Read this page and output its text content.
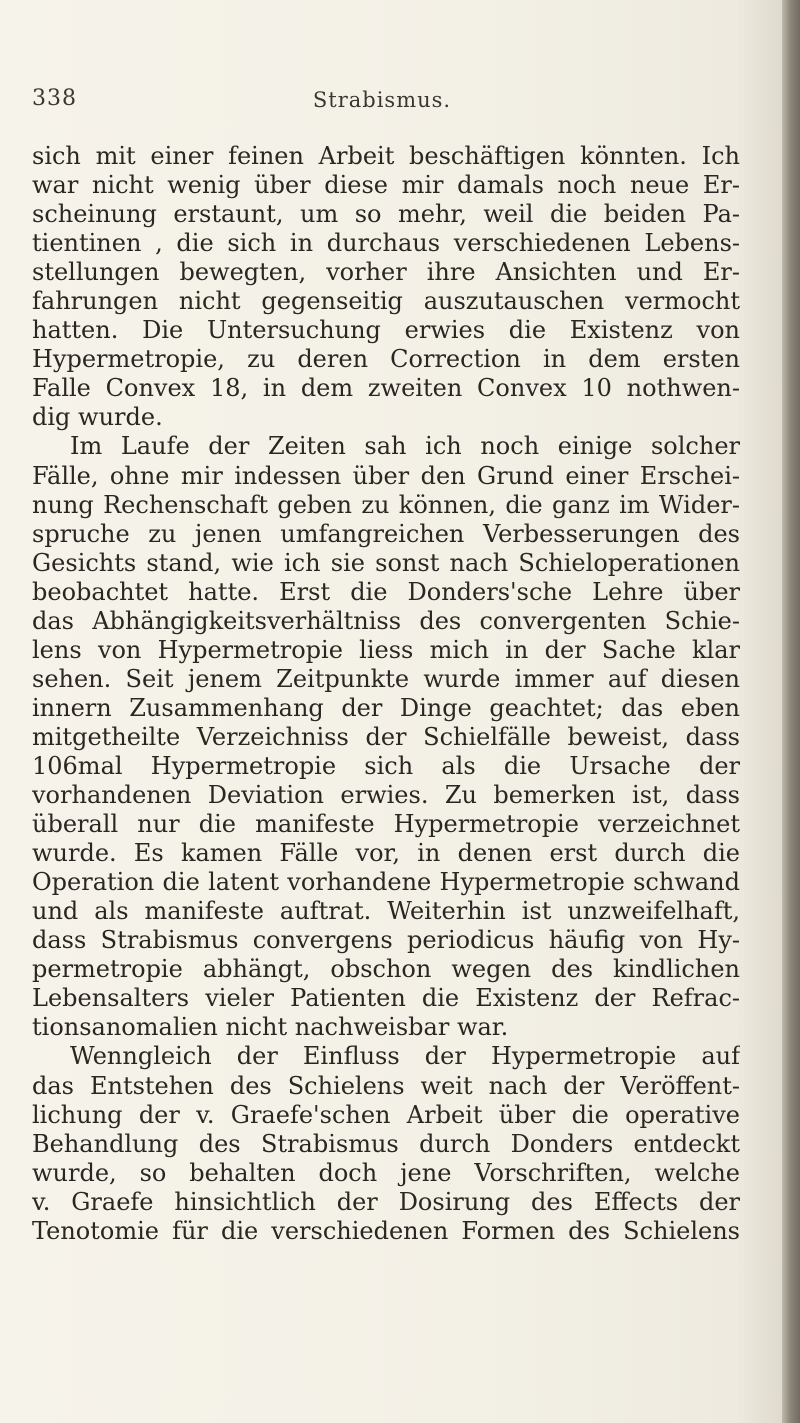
338	Strabismus.
sich mit einer feinen Arbeit beschäftigen könnten. Ich
war nicht wenig über diese mir damals noch neue Er-
scheinung erstaunt, um so mehr, weil die beiden Pa-
tientinen , die sich in durchaus verschiedenen Lebens-
stellungen bewegten, vorher ihre Ansichten und Er-
fahrungen nicht gegenseitig auszutauschen vermocht
hatten. Die Untersuchung erwies die Existenz von
Hypermetropie, zu deren Correction in dem ersten
Falle Convex 18, in dem zweiten Convex 10 nothwen-
dig wurde.
Im Laufe der Zeiten sah ich noch einige solcher
Fälle, ohne mir indessen über den Grund einer Erschei-
nung Rechenschaft geben zu können, die ganz im Wider-
spruche zu jenen umfangreichen Verbesserungen des
Gesichts stand, wie ich sie sonst nach Schieloperationen
beobachtet hatte. Erst die Donders'sche Lehre über
das Abhängigkeitsverhältniss des convergenten Schie-
lens von Hypermetropie liess mich in der Sache klar
sehen. Seit jenem Zeitpunkte wurde immer auf diesen
innern Zusammenhang der Dinge geachtet; das eben
mitgetheilte Verzeichniss der Schielfälle beweist, dass
106mal Hypermetropie sich als die Ursache der
vorhandenen Deviation erwies. Zu bemerken ist, dass
überall nur die manifeste Hypermetropie verzeichnet
wurde. Es kamen Fälle vor, in denen erst durch die
Operation die latent vorhandene Hypermetropie schwand
und als manifeste auftrat. Weiterhin ist unzweifelhaft,
dass Strabismus convergens periodicus häufig von Hy-
permetropie abhängt, obschon wegen des kindlichen
Lebensalters vieler Patienten die Existenz der Refrac-
tionsanomalien nicht nachweisbar war.
Wenngleich der Einfluss der Hypermetropie auf
das Entstehen des Schielens weit nach der Veröffent-
lichung der v. Graefe'schen Arbeit über die operative
Behandlung des Strabismus durch Donders entdeckt
wurde, so behalten doch jene Vorschriften, welche
v. Graefe hinsichtlich der Dosirung des Effects der
Tenotomie für die verschiedenen Formen des Schielens
